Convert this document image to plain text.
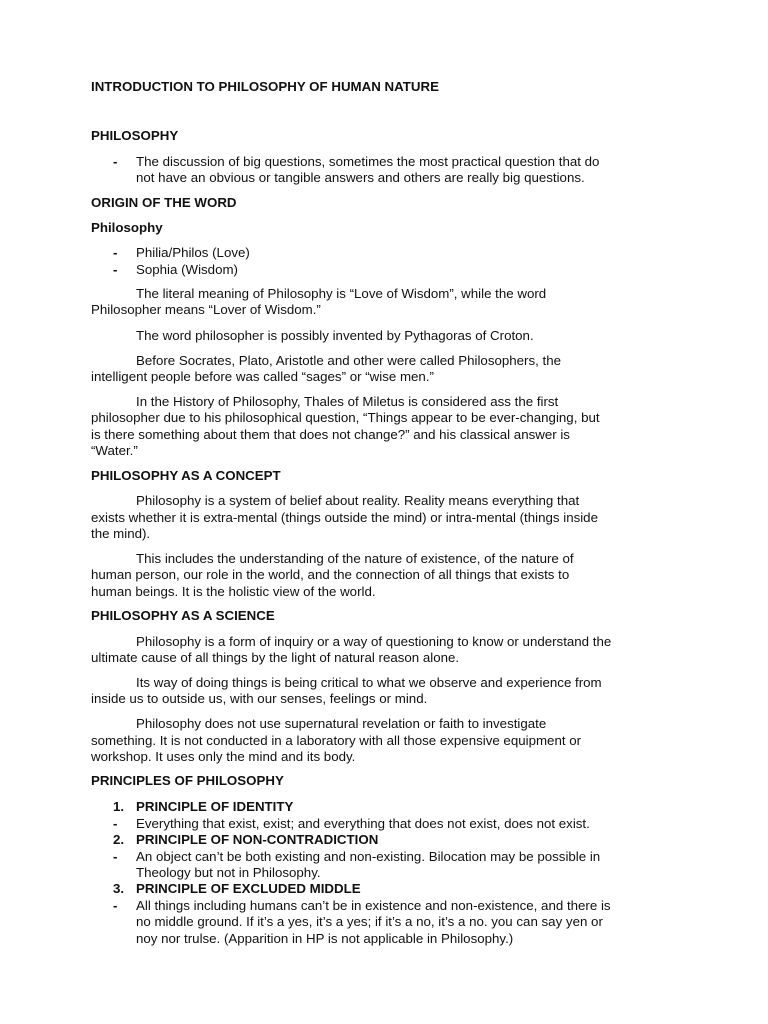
INTRODUCTION TO PHILOSOPHY OF HUMAN NATURE
PHILOSOPHY
- The discussion of big questions, sometimes the most practical question that do
not have an obvious or tangible answers and others are really big questions.
ORIGIN OF THE WORD
Philosophy
- Philia/Philos (Love)
- Sophia (Wisdom)
The literal meaning of Philosophy is “Love of Wisdom”, while the word
Philosopher means “Lover of Wisdom.”
The word philosopher is possibly invented by Pythagoras of Croton.
Before Socrates, Plato, Aristotle and other were called Philosophers, the
intelligent people before was called “sages” or “wise men.”
In the History of Philosophy, Thales of Miletus is considered ass the first
philosopher due to his philosophical question, “Things appear to be ever-changing, but
is there something about them that does not change?” and his classical answer is
“Water.”
PHILOSOPHY AS A CONCEPT
Philosophy is a system of belief about reality. Reality means everything that
exists whether it is extra-mental (things outside the mind) or intra-mental (things inside
the mind).
This includes the understanding of the nature of existence, of the nature of
human person, our role in the world, and the connection of all things that exists to
human beings. It is the holistic view of the world.
PHILOSOPHY AS A SCIENCE
Philosophy is a form of inquiry or a way of questioning to know or understand the
ultimate cause of all things by the light of natural reason alone.
Its way of doing things is being critical to what we observe and experience from
inside us to outside us, with our senses, feelings or mind.
Philosophy does not use supernatural revelation or faith to investigate
something. It is not conducted in a laboratory with all those expensive equipment or
workshop. It uses only the mind and its body.
PRINCIPLES OF PHILOSOPHY
1. PRINCIPLE OF IDENTITY
- Everything that exist, exist; and everything that does not exist, does not exist.
2. PRINCIPLE OF NON-CONTRADICTION
- An object can’t be both existing and non-existing. Bilocation may be possible in
Theology but not in Philosophy.
3. PRINCIPLE OF EXCLUDED MIDDLE
- All things including humans can’t be in existence and non-existence, and there is
no middle ground. If it’s a yes, it’s a yes; if it’s a no, it’s a no. you can say yen or
noy nor trulse. (Apparition in HP is not applicable in Philosophy.)
